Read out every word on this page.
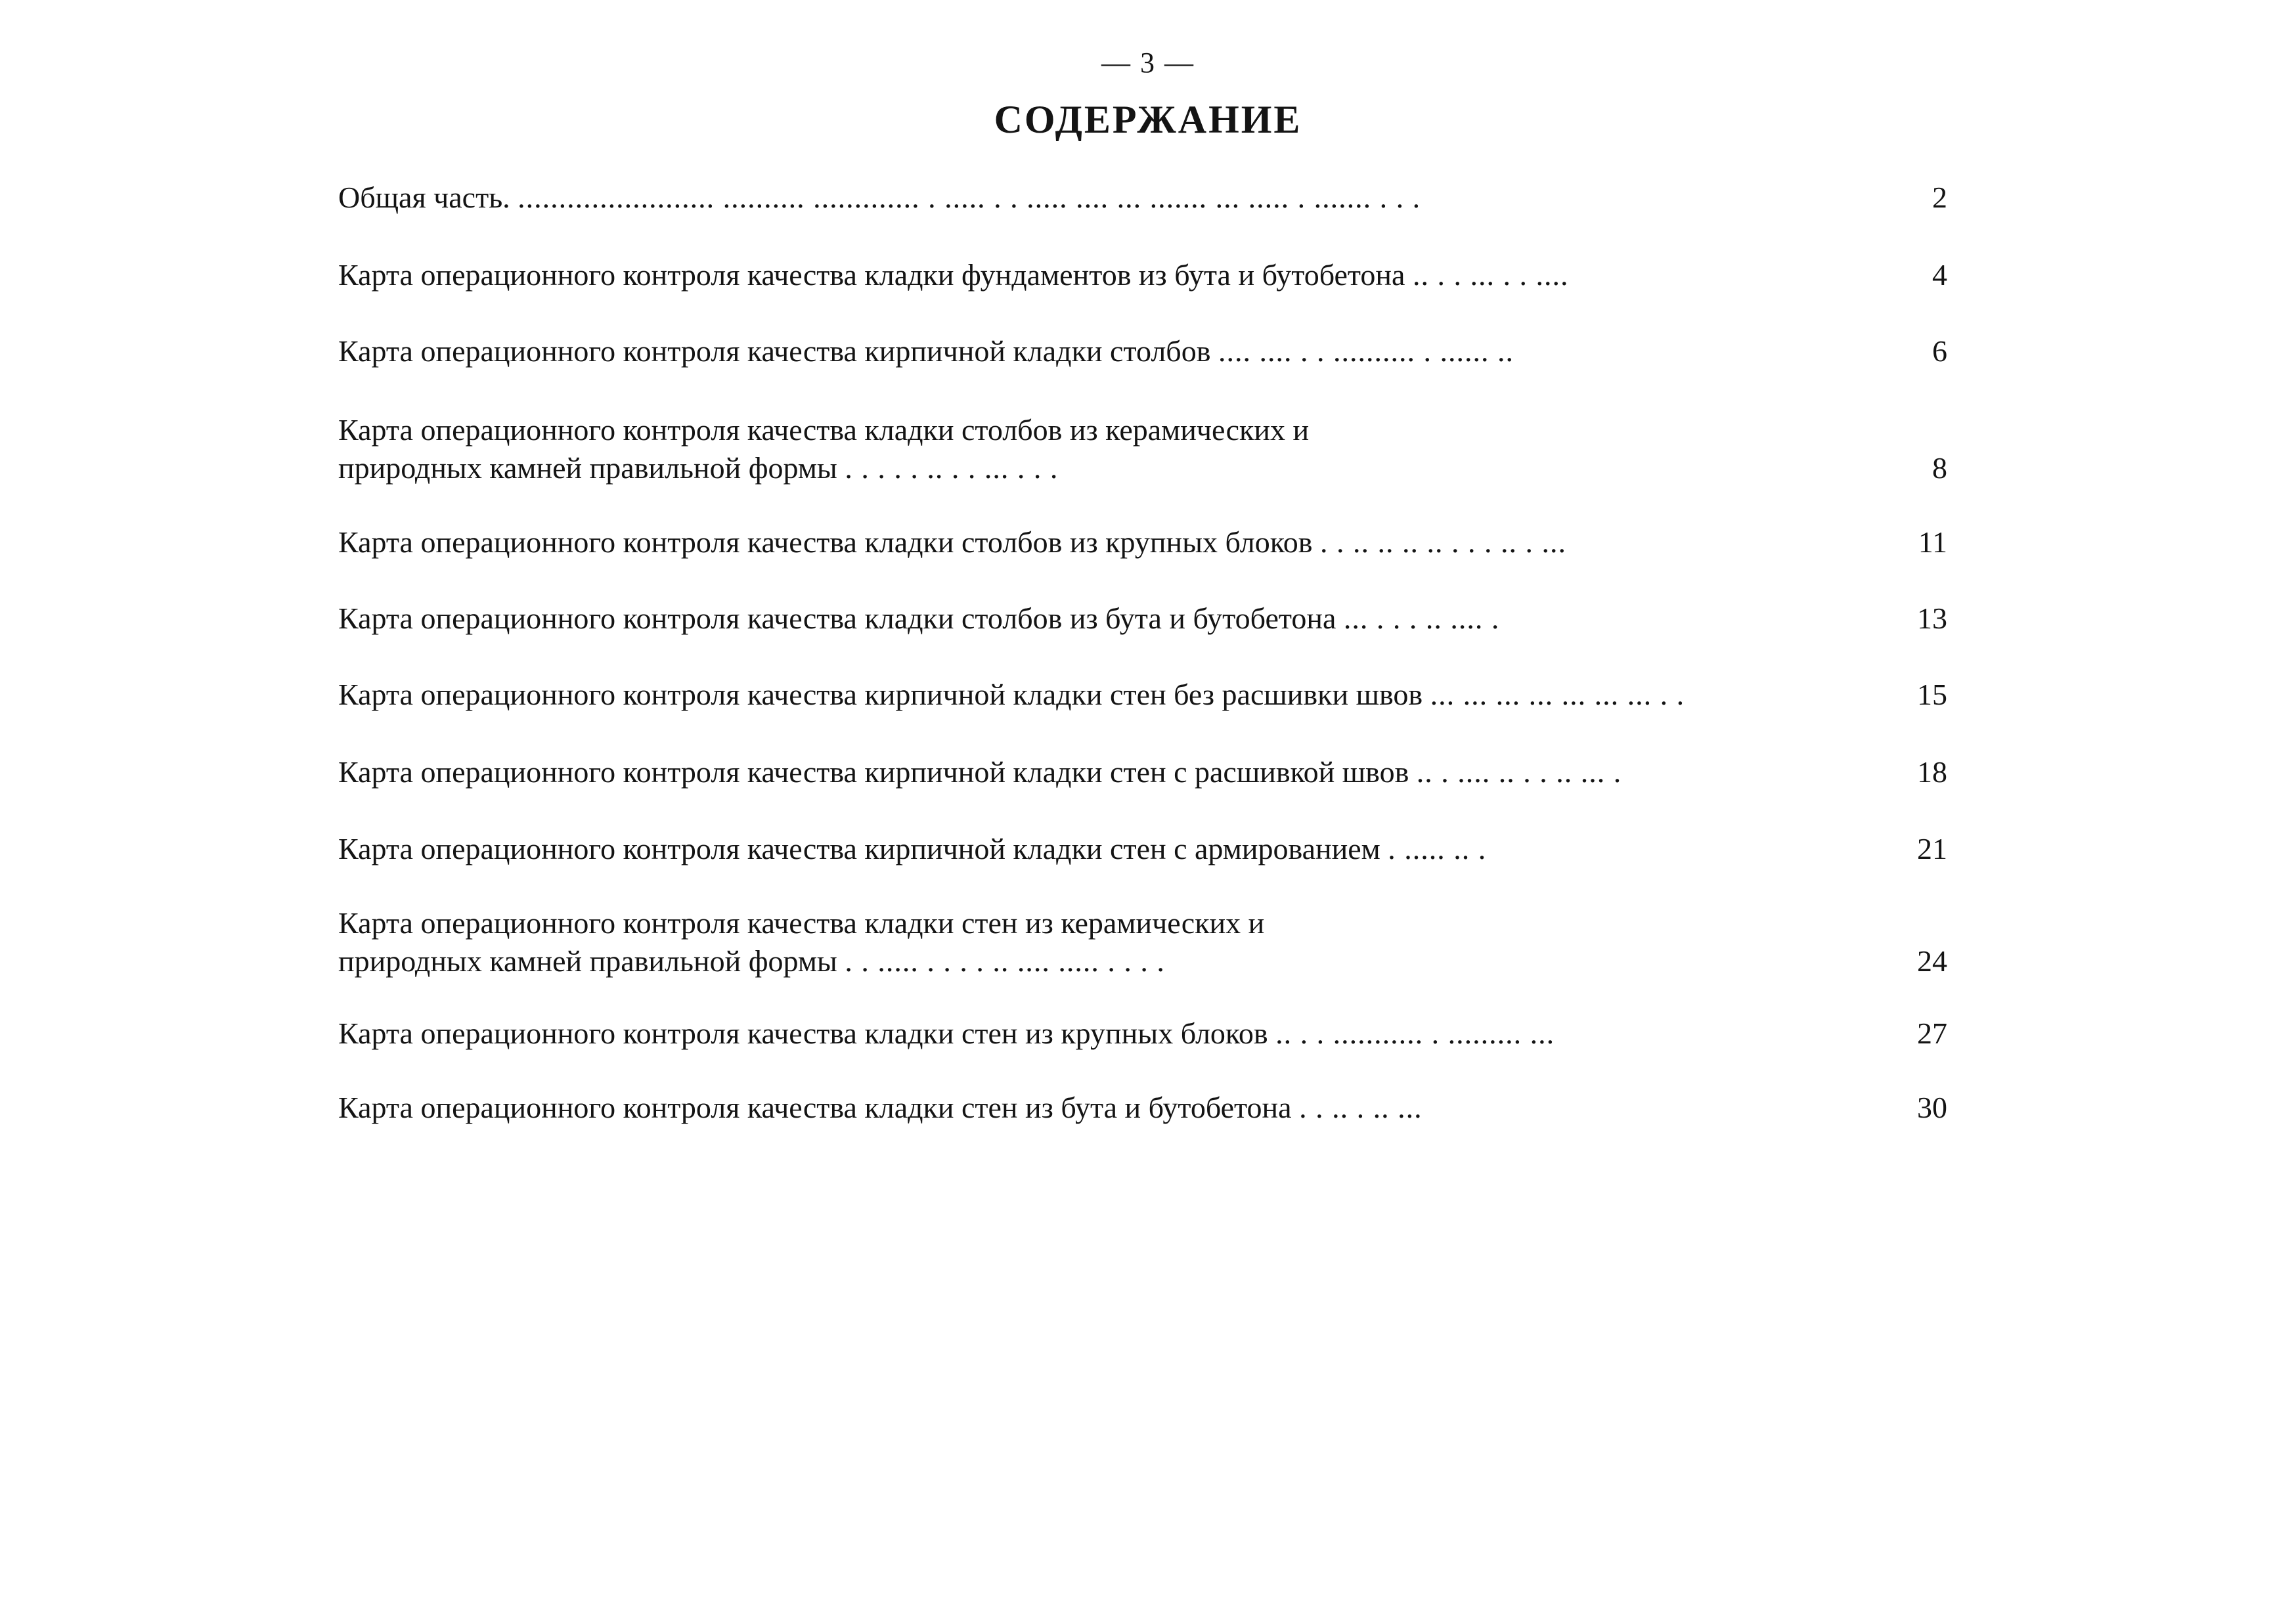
— 3 —
СОДЕРЖАНИЕ
Общая часть. ........................ .......... ............. . ..... . . ..... .... ... ....... ... ..... . ....... . . .	2
Карта операционного контроля качества кладки фундаментов из бута и бутобетона .. . . ... . . ....	4
Карта операционного контроля качества кирпичной кладки столбов .... .... . . .......... . ...... ..	6
Карта операционного контроля качества кладки столбов из керамических и
природных камней правильной формы . . . . . .. . . ... . . .	8
Карта операционного контроля качества кладки столбов из крупных блоков . . .. .. .. .. . . . .. . ...	11
Карта операционного контроля качества кладки столбов из бута и бутобетона ... . . . .. .... .	13
Карта операционного контроля качества кирпичной кладки стен без расшивки швов ... ... ... ... ... ... ... . .	15
Карта операционного контроля качества кирпичной кладки стен с расшивкой швов .. . .... .. . . .. ... .	18
Карта операционного контроля качества кирпичной кладки стен с армированием . ..... .. .	21
Карта операционного контроля качества кладки стен из керамических и
природных камней правильной формы . . ..... . . . . .. .... ..... . . . .	24
Карта операционного контроля качества кладки стен из крупных блоков .. . . ........... . ......... ...	27
Карта операционного контроля качества кладки стен из бута и бутобетона . . .. . .. ...	30
